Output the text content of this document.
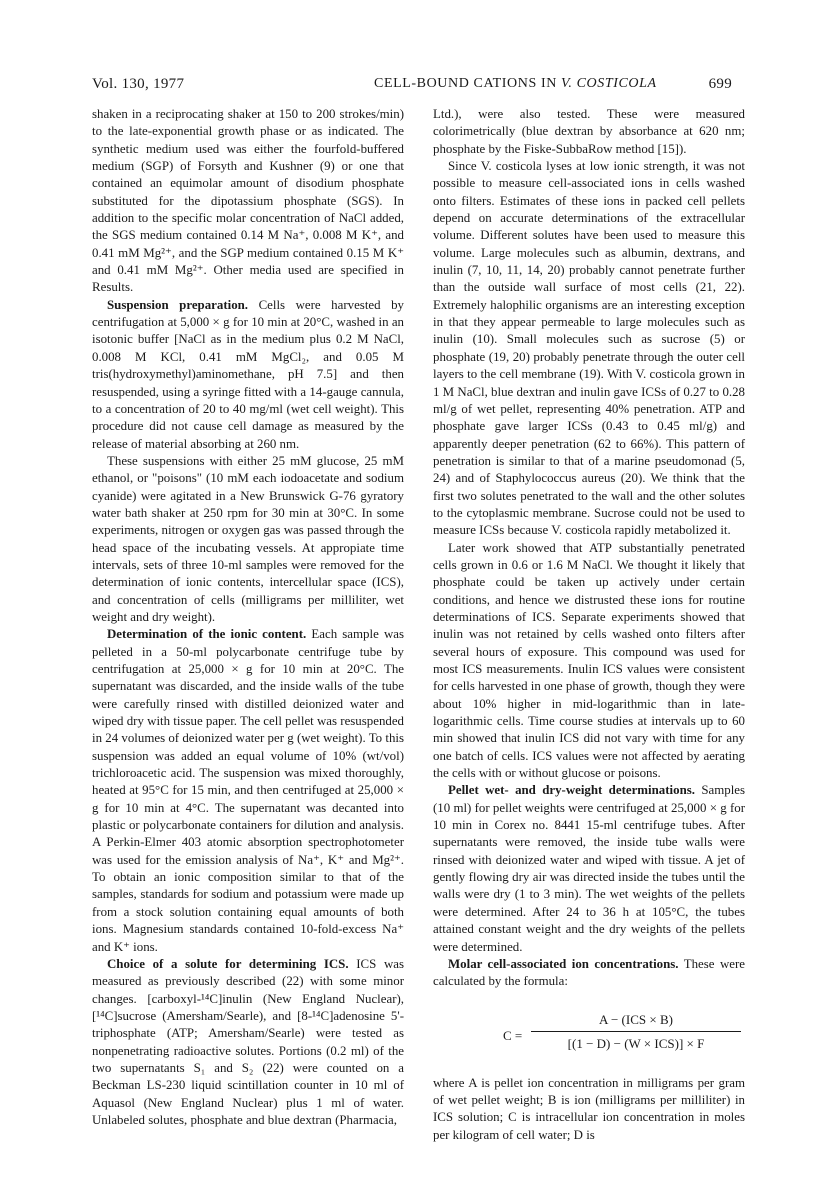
Vol. 130, 1977	CELL-BOUND CATIONS IN V. COSTICOLA	699

shaken in a reciprocating shaker at 150 to 200 strokes/min) to the late-exponential growth phase or as indicated. The synthetic medium used was either the fourfold-buffered medium (SGP) of Forsyth and Kushner (9) or one that contained an equimolar amount of disodium phosphate substituted for the dipotassium phosphate (SGS). In addition to the specific molar concentration of NaCl added, the SGS medium contained 0.14 M Na⁺, 0.008 M K⁺, and 0.41 mM Mg²⁺, and the SGP medium contained 0.15 M K⁺ and 0.41 mM Mg²⁺. Other media used are specified in Results.

Suspension preparation. Cells were harvested by centrifugation at 5,000 × g for 10 min at 20°C, washed in an isotonic buffer [NaCl as in the medium plus 0.2 M NaCl, 0.008 M KCl, 0.41 mM MgCl₂, and 0.05 M tris(hydroxymethyl)aminomethane, pH 7.5] and then resuspended, using a syringe fitted with a 14-gauge cannula, to a concentration of 20 to 40 mg/ml (wet cell weight). This procedure did not cause cell damage as measured by the release of material absorbing at 260 nm.

These suspensions with either 25 mM glucose, 25 mM ethanol, or "poisons" (10 mM each iodoacetate and sodium cyanide) were agitated in a New Brunswick G-76 gyratory water bath shaker at 250 rpm for 30 min at 30°C. In some experiments, nitrogen or oxygen gas was passed through the head space of the incubating vessels. At appropiate time intervals, sets of three 10-ml samples were removed for the determination of ionic contents, intercellular space (ICS), and concentration of cells (milligrams per milliliter, wet weight and dry weight).

Determination of the ionic content. Each sample was pelleted in a 50-ml polycarbonate centrifuge tube by centrifugation at 25,000 × g for 10 min at 20°C. The supernatant was discarded, and the inside walls of the tube were carefully rinsed with distilled deionized water and wiped dry with tissue paper. The cell pellet was resuspended in 24 volumes of deionized water per g (wet weight). To this suspension was added an equal volume of 10% (wt/vol) trichloroacetic acid. The suspension was mixed thoroughly, heated at 95°C for 15 min, and then centrifuged at 25,000 × g for 10 min at 4°C. The supernatant was decanted into plastic or polycarbonate containers for dilution and analysis. A Perkin-Elmer 403 atomic absorption spectrophotometer was used for the emission analysis of Na⁺, K⁺ and Mg²⁺. To obtain an ionic composition similar to that of the samples, standards for sodium and potassium were made up from a stock solution containing equal amounts of both ions. Magnesium standards contained 10-fold-excess Na⁺ and K⁺ ions.

Choice of a solute for determining ICS. ICS was measured as previously described (22) with some minor changes. [carboxyl-¹⁴C]inulin (New England Nuclear), [¹⁴C]sucrose (Amersham/Searle), and [8-¹⁴C]adenosine 5'-triphosphate (ATP; Amersham/Searle) were tested as nonpenetrating radioactive solutes. Portions (0.2 ml) of the two supernatants S₁ and S₂ (22) were counted on a Beckman LS-230 liquid scintillation counter in 10 ml of Aquasol (New England Nuclear) plus 1 ml of water. Unlabeled solutes, phosphate and blue dextran (Pharmacia,

Ltd.), were also tested. These were measured colorimetrically (blue dextran by absorbance at 620 nm; phosphate by the Fiske-SubbaRow method [15]).

Since V. costicola lyses at low ionic strength, it was not possible to measure cell-associated ions in cells washed onto filters. Estimates of these ions in packed cell pellets depend on accurate determinations of the extracellular volume. Different solutes have been used to measure this volume. Large molecules such as albumin, dextrans, and inulin (7, 10, 11, 14, 20) probably cannot penetrate further than the outside wall surface of most cells (21, 22). Extremely halophilic organisms are an interesting exception in that they appear permeable to large molecules such as inulin (10). Small molecules such as sucrose (5) or phosphate (19, 20) probably penetrate through the outer cell layers to the cell membrane (19). With V. costicola grown in 1 M NaCl, blue dextran and inulin gave ICSs of 0.27 to 0.28 ml/g of wet pellet, representing 40% penetration. ATP and phosphate gave larger ICSs (0.43 to 0.45 ml/g) and apparently deeper penetration (62 to 66%). This pattern of penetration is similar to that of a marine pseudomonad (5, 24) and of Staphylococcus aureus (20). We think that the first two solutes penetrated to the wall and the other solutes to the cytoplasmic membrane. Sucrose could not be used to measure ICSs because V. costicola rapidly metabolized it.

Later work showed that ATP substantially penetrated cells grown in 0.6 or 1.6 M NaCl. We thought it likely that phosphate could be taken up actively under certain conditions, and hence we distrusted these ions for routine determinations of ICS. Separate experiments showed that inulin was not retained by cells washed onto filters after several hours of exposure. This compound was used for most ICS measurements. Inulin ICS values were consistent for cells harvested in one phase of growth, though they were about 10% higher in mid-logarithmic than in late-logarithmic cells. Time course studies at intervals up to 60 min showed that inulin ICS did not vary with time for any one batch of cells. ICS values were not affected by aerating the cells with or without glucose or poisons.

Pellet wet- and dry-weight determinations. Samples (10 ml) for pellet weights were centrifuged at 25,000 × g for 10 min in Corex no. 8441 15-ml centrifuge tubes. After supernatants were removed, the inside tube walls were rinsed with deionized water and wiped with tissue. A jet of gently flowing dry air was directed inside the tubes until the walls were dry (1 to 3 min). The wet weights of the pellets were determined. After 24 to 36 h at 105°C, the tubes attained constant weight and the dry weights of the pellets were determined.

Molar cell-associated ion concentrations. These were calculated by the formula:

C =
A − (ICS × B)
[(1 − D) − (W × ICS)] × F

where A is pellet ion concentration in milligrams per gram of wet pellet weight; B is ion (milligrams per milliliter) in ICS solution; C is intracellular ion concentration in moles per kilogram of cell water; D is
